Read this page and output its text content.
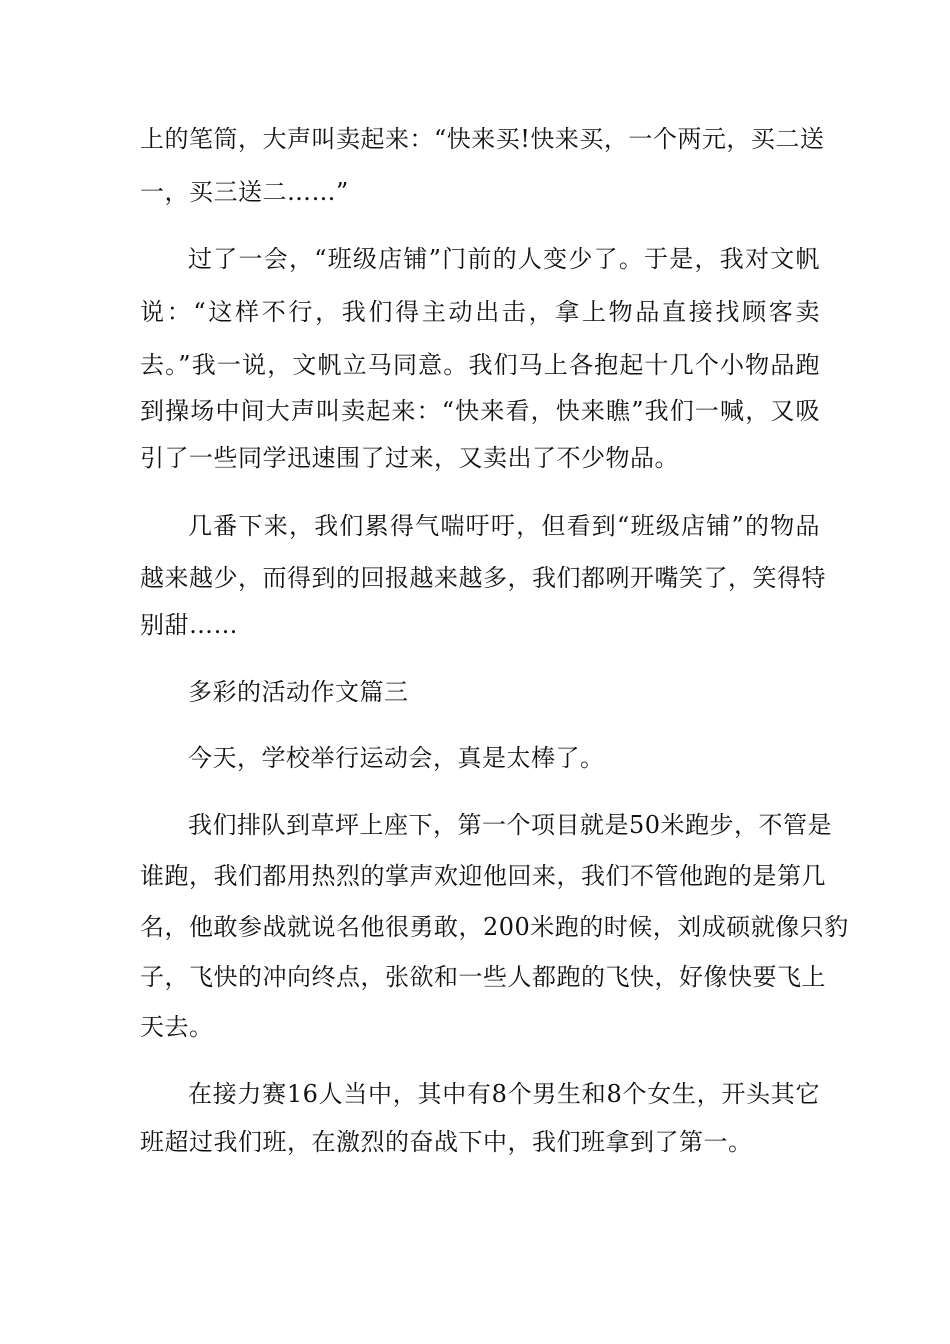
上的笔筒，大声叫卖起来：“快来买!快来买，一个两元，买二送
一，买三送二……”
过了一会，“班级店铺”门前的人变少了。于是，我对文帆
说：“这样不行，我们得主动出击，拿上物品直接找顾客卖
去。”我一说，文帆立马同意。我们马上各抱起十几个小物品跑
到操场中间大声叫卖起来：“快来看，快来瞧”我们一喊，又吸
引了一些同学迅速围了过来，又卖出了不少物品。
几番下来，我们累得气喘吁吁，但看到“班级店铺”的物品
越来越少，而得到的回报越来越多，我们都咧开嘴笑了，笑得特
别甜……
多彩的活动作文篇三
今天，学校举行运动会，真是太棒了。
我们排队到草坪上座下，第一个项目就是50米跑步，不管是
谁跑，我们都用热烈的掌声欢迎他回来，我们不管他跑的是第几
名，他敢参战就说名他很勇敢，200米跑的时候，刘成硕就像只豹
子，飞快的冲向终点，张欲和一些人都跑的飞快，好像快要飞上
天去。
在接力赛16人当中，其中有8个男生和8个女生，开头其它
班超过我们班，在激烈的奋战下中，我们班拿到了第一。
